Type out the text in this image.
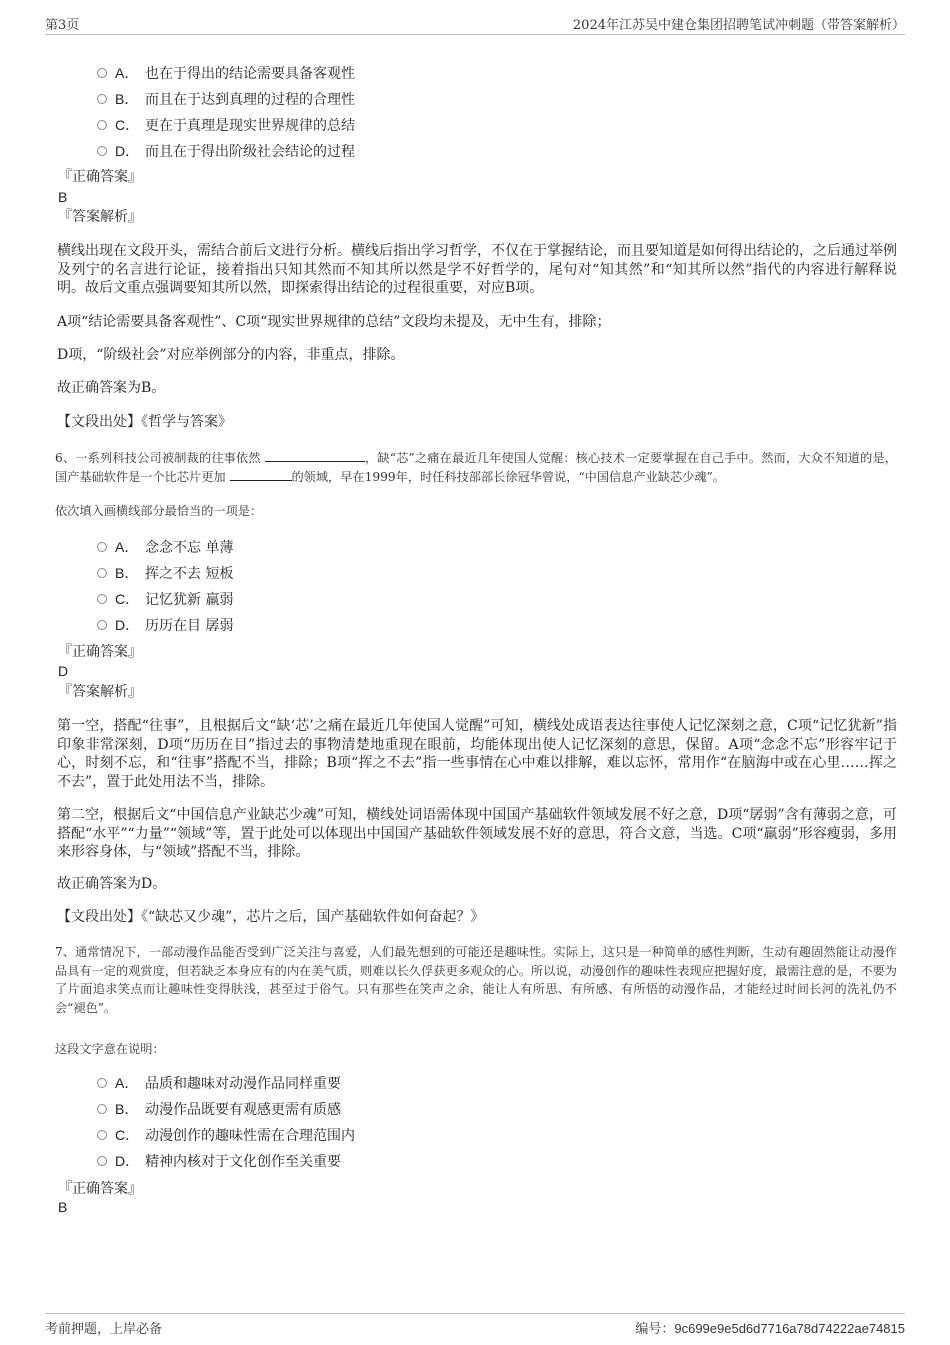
第3页	2024年江苏吴中建仓集团招聘笔试冲刺题（带答案解析）
A． 也在于得出的结论需要具备客观性
B． 而且在于达到真理的过程的合理性
C． 更在于真理是现实世界规律的总结
D． 而且在于得出阶级社会结论的过程
『正确答案』
B
『答案解析』
横线出现在文段开头，需结合前后文进行分析。横线后指出学习哲学，不仅在于掌握结论，而且要知道是如何得出结论的，之后通过举例及列宁的名言进行论证，接着指出只知其然而不知其所以然是学不好哲学的，尾句对“知其然”和“知其所以然”指代的内容进行解释说明。故后文重点强调要知其所以然，即探索得出结论的过程很重要，对应B项。
A项“结论需要具备客观性”、C项“现实世界规律的总结”文段均未提及，无中生有，排除；
D项，“阶级社会”对应举例部分的内容，非重点，排除。
故正确答案为B。
【文段出处】《哲学与答案》
6、一系列科技公司被制裁的往事依然	，缺“芯”之痛在最近几年使国人觉醒：核心技术一定要掌握在自己手中。然而，大众不知道的是，国产基础软件是一个比芯片更加	的领域，早在1999年，时任科技部部长徐冠华曾说，“中国信息产业缺芯少魂”。
依次填入画横线部分最恰当的一项是：
A． 念念不忘 单薄
B． 挥之不去 短板
C． 记忆犹新 羸弱
D． 历历在目 孱弱
『正确答案』
D
『答案解析』
第一空，搭配“往事”，且根据后文“缺‘芯’之痛在最近几年使国人觉醒”可知，横线处成语表达往事使人记忆深刻之意，C项“记忆犹新”指印象非常深刻，D项“历历在目”指过去的事物清楚地重现在眼前，均能体现出使人记忆深刻的意思，保留。A项“念念不忘”形容牢记于心，时刻不忘，和“往事”搭配不当，排除；B项“挥之不去”指一些事情在心中难以排解，难以忘怀，常用作“在脑海中或在心里……挥之不去”，置于此处用法不当，排除。
第二空，根据后文“中国信息产业缺芯少魂”可知，横线处词语需体现中国国产基础软件领域发展不好之意，D项“孱弱”含有薄弱之意，可搭配“水平”“力量”“领域”等，置于此处可以体现出中国国产基础软件领域发展不好的意思，符合文意，当选。C项“羸弱”形容瘦弱，多用来形容身体，与“领域”搭配不当，排除。
故正确答案为D。
【文段出处】《“缺芯又少魂”，芯片之后，国产基础软件如何奋起？》
7、通常情况下，一部动漫作品能否受到广泛关注与喜爱，人们最先想到的可能还是趣味性。实际上，这只是一种简单的感性判断，生动有趣固然能让动漫作品具有一定的观赏度，但若缺乏本身应有的内在美气质，则难以长久俘获更多观众的心。所以说，动漫创作的趣味性表现应把握好度，最需注意的是，不要为了片面追求笑点而让趣味性变得肤浅，甚至过于俗气。只有那些在笑声之余，能让人有所思、有所感、有所悟的动漫作品，才能经过时间长河的洗礼仍不会“褪色”。
这段文字意在说明：
A． 品质和趣味对动漫作品同样重要
B． 动漫作品既要有观感更需有质感
C． 动漫创作的趣味性需在合理范围内
D． 精神内核对于文化创作至关重要
『正确答案』
B
考前押题，上岸必备	编号：9c699e9e5d6d7716a78d74222ae74815
